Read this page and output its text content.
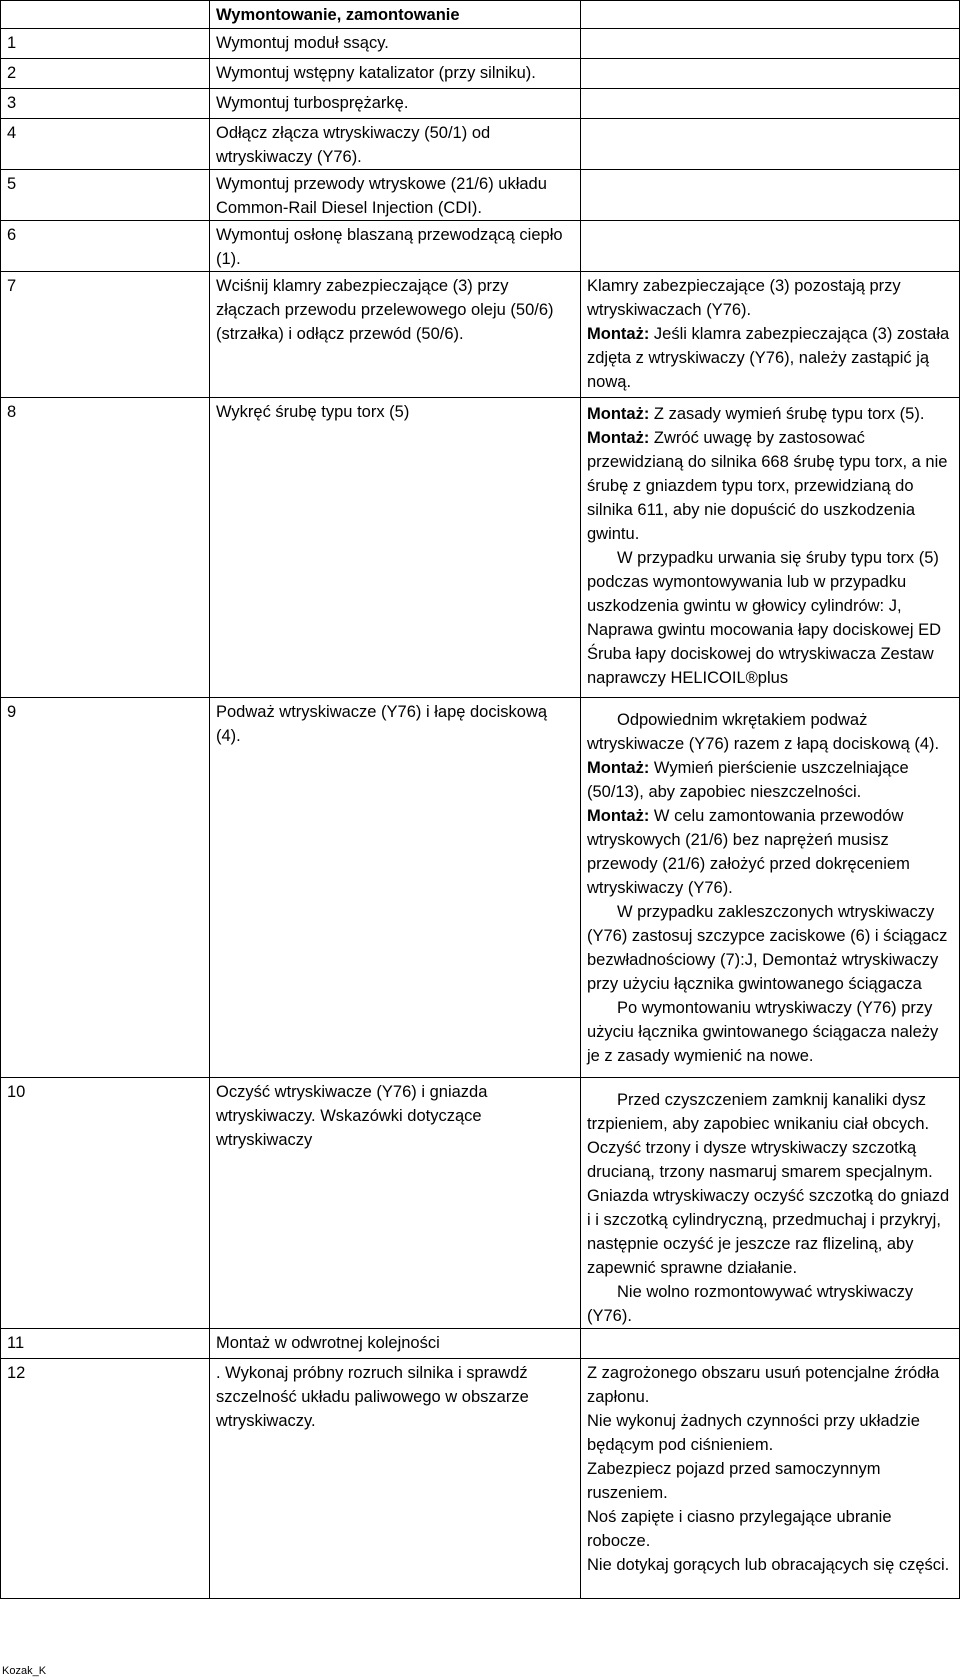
	Wymontowanie, zamontowanie	
1	Wymontuj moduł ssący.	
2	Wymontuj wstępny katalizator (przy silniku).	
3	Wymontuj turbosprężarkę.	
4	Odłącz złącza wtryskiwaczy (50/1) od wtryskiwaczy (Y76).	
5	Wymontuj przewody wtryskowe (21/6) układu Common-Rail Diesel Injection (CDI).	
6	Wymontuj osłonę blaszaną przewodzącą ciepło (1).	
7	Wciśnij klamry zabezpieczające (3) przy złączach przewodu przelewowego oleju (50/6) (strzałka) i odłącz przewód (50/6).	Klamry zabezpieczające (3) pozostają przy wtryskiwaczach (Y76).
Montaż: Jeśli klamra zabezpieczająca (3) została zdjęta z wtryskiwaczy (Y76), należy zastąpić ją nową.

8	Wykręć śrubę typu torx (5)	Montaż: Z zasady wymień śrubę typu torx (5).
Montaż: Zwróć uwagę by zastosować przewidzianą do silnika 668 śrubę typu torx, a nie śrubę z gniazdem typu torx, przewidzianą do silnika 611, aby nie dopuścić do uszkodzenia gwintu.
W przypadku urwania się śruby typu torx (5) podczas wymontowywania lub w przypadku uszkodzenia gwintu w głowicy cylindrów: J, Naprawa gwintu mocowania łapy dociskowej ED Śruba łapy dociskowej do wtryskiwacza Zestaw naprawczy HELICOIL®plus

9	Podważ wtryskiwacze (Y76) i łapę dociskową (4).	Odpowiednim wkrętakiem podważ wtryskiwacze (Y76) razem z łapą dociskową (4).
Montaż: Wymień pierścienie uszczelniające (50/13), aby zapobiec nieszczelności.
Montaż: W celu zamontowania przewodów wtryskowych (21/6) bez naprężeń musisz przewody (21/6) założyć przed dokręceniem wtryskiwaczy (Y76).
W przypadku zakleszczonych wtryskiwaczy (Y76) zastosuj szczypce zaciskowe (6) i ściągacz bezwładnościowy (7):J, Demontaż wtryskiwaczy przy użyciu łącznika gwintowanego ściągacza
Po wymontowaniu wtryskiwaczy (Y76) przy użyciu łącznika gwintowanego ściągacza należy je z zasady wymienić na nowe.

10	Oczyść wtryskiwacze (Y76) i gniazda wtryskiwaczy. Wskazówki dotyczące wtryskiwaczy	Przed czyszczeniem zamknij kanaliki dysz trzpieniem, aby zapobiec wnikaniu ciał obcych. Oczyść trzony i dysze wtryskiwaczy szczotką drucianą, trzony nasmaruj smarem specjalnym. Gniazda wtryskiwaczy oczyść szczotką do gniazd i i szczotką cylindryczną, przedmuchaj i przykryj, następnie oczyść je jeszcze raz flizeliną, aby zapewnić sprawne działanie.
Nie wolno rozmontowywać wtryskiwaczy (Y76).

11	Montaż w odwrotnej kolejności	
12	. Wykonaj próbny rozruch silnika i sprawdź szczelność układu paliwowego w obszarze wtryskiwaczy.	Z zagrożonego obszaru usuń potencjalne źródła zapłonu.
Nie wykonuj żadnych czynności przy układzie będącym pod ciśnieniem.
Zabezpiecz pojazd przed samoczynnym ruszeniem.
Noś zapięte i ciasno przylegające ubranie robocze.
Nie dotykaj gorących lub obracających się części.
Kozak_K
